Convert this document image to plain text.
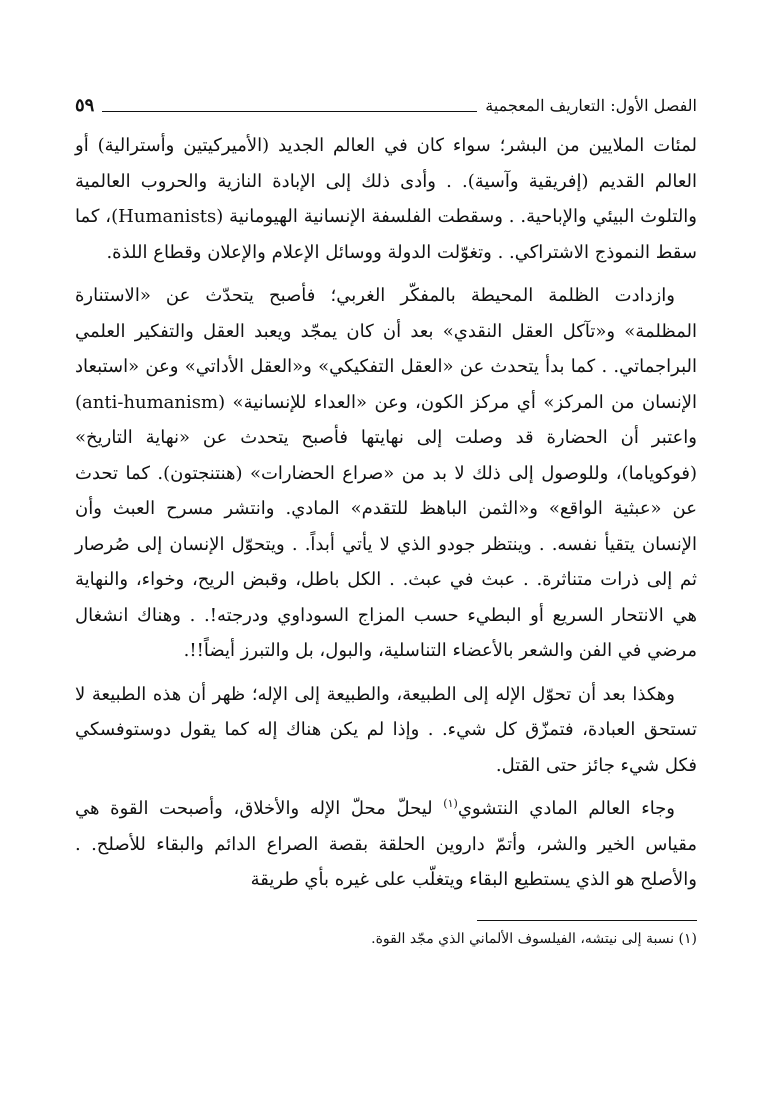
الفصل الأول: التعاريف المعجمية
٥٩

لمئات الملايين من البشر؛ سواء كان في العالم الجديد (الأميركيتين وأسترالية) أو العالم القديم (إفريقية وآسية). . وأدى ذلك إلى الإبادة النازية والحروب العالمية والتلوث البيئي والإباحية. . وسقطت الفلسفة الإنسانية الهيومانية (Humanists)، كما سقط النموذج الاشتراكي. . وتغوّلت الدولة ووسائل الإعلام والإعلان وقطاع اللذة.

وازدادت الظلمة المحيطة بالمفكّر الغربي؛ فأصبح يتحدّث عن «الاستنارة المظلمة» و«تآكل العقل النقدي» بعد أن كان يمجّد ويعبد العقل والتفكير العلمي البراجماتي. . كما بدأ يتحدث عن «العقل التفكيكي» و«العقل الأداتي» وعن «استبعاد الإنسان من المركز» أي مركز الكون، وعن «العداء للإنسانية» (anti-humanism) واعتبر أن الحضارة قد وصلت إلى نهايتها فأصبح يتحدث عن «نهاية التاريخ» (فوكوياما)، وللوصول إلى ذلك لا بد من «صراع الحضارات» (هنتنجتون). كما تحدث عن «عبثية الواقع» و«الثمن الباهظ للتقدم» المادي. وانتشر مسرح العبث وأن الإنسان يتقيأ نفسه. . وينتظر جودو الذي لا يأتي أبداً. . ويتحوّل الإنسان إلى صُرصار ثم إلى ذرات متناثرة. . عبث في عبث. . الكل باطل، وقبض الريح، وخواء، والنهاية هي الانتحار السريع أو البطيء حسب المزاج السوداوي ودرجته!. . وهناك انشغال مرضي في الفن والشعر بالأعضاء التناسلية، والبول، بل والتبرز أيضاً!!.

وهكذا بعد أن تحوّل الإله إلى الطبيعة، والطبيعة إلى الإله؛ ظهر أن هذه الطبيعة لا تستحق العبادة، فتمزّق كل شيء. . وإذا لم يكن هناك إله كما يقول دوستوفسكي فكل شيء جائز حتى القتل.

وجاء العالم المادي النتشوي$^{(١)}$ ليحلّ محلّ الإله والأخلاق، وأصبحت القوة هي مقياس الخير والشر، وأتمّ داروين الحلقة بقصة الصراع الدائم والبقاء للأصلح. . والأصلح هو الذي يستطيع البقاء ويتغلّب على غيره بأي طريقة

(١) نسبة إلى نيتشه، الفيلسوف الألماني الذي مجّد القوة.
